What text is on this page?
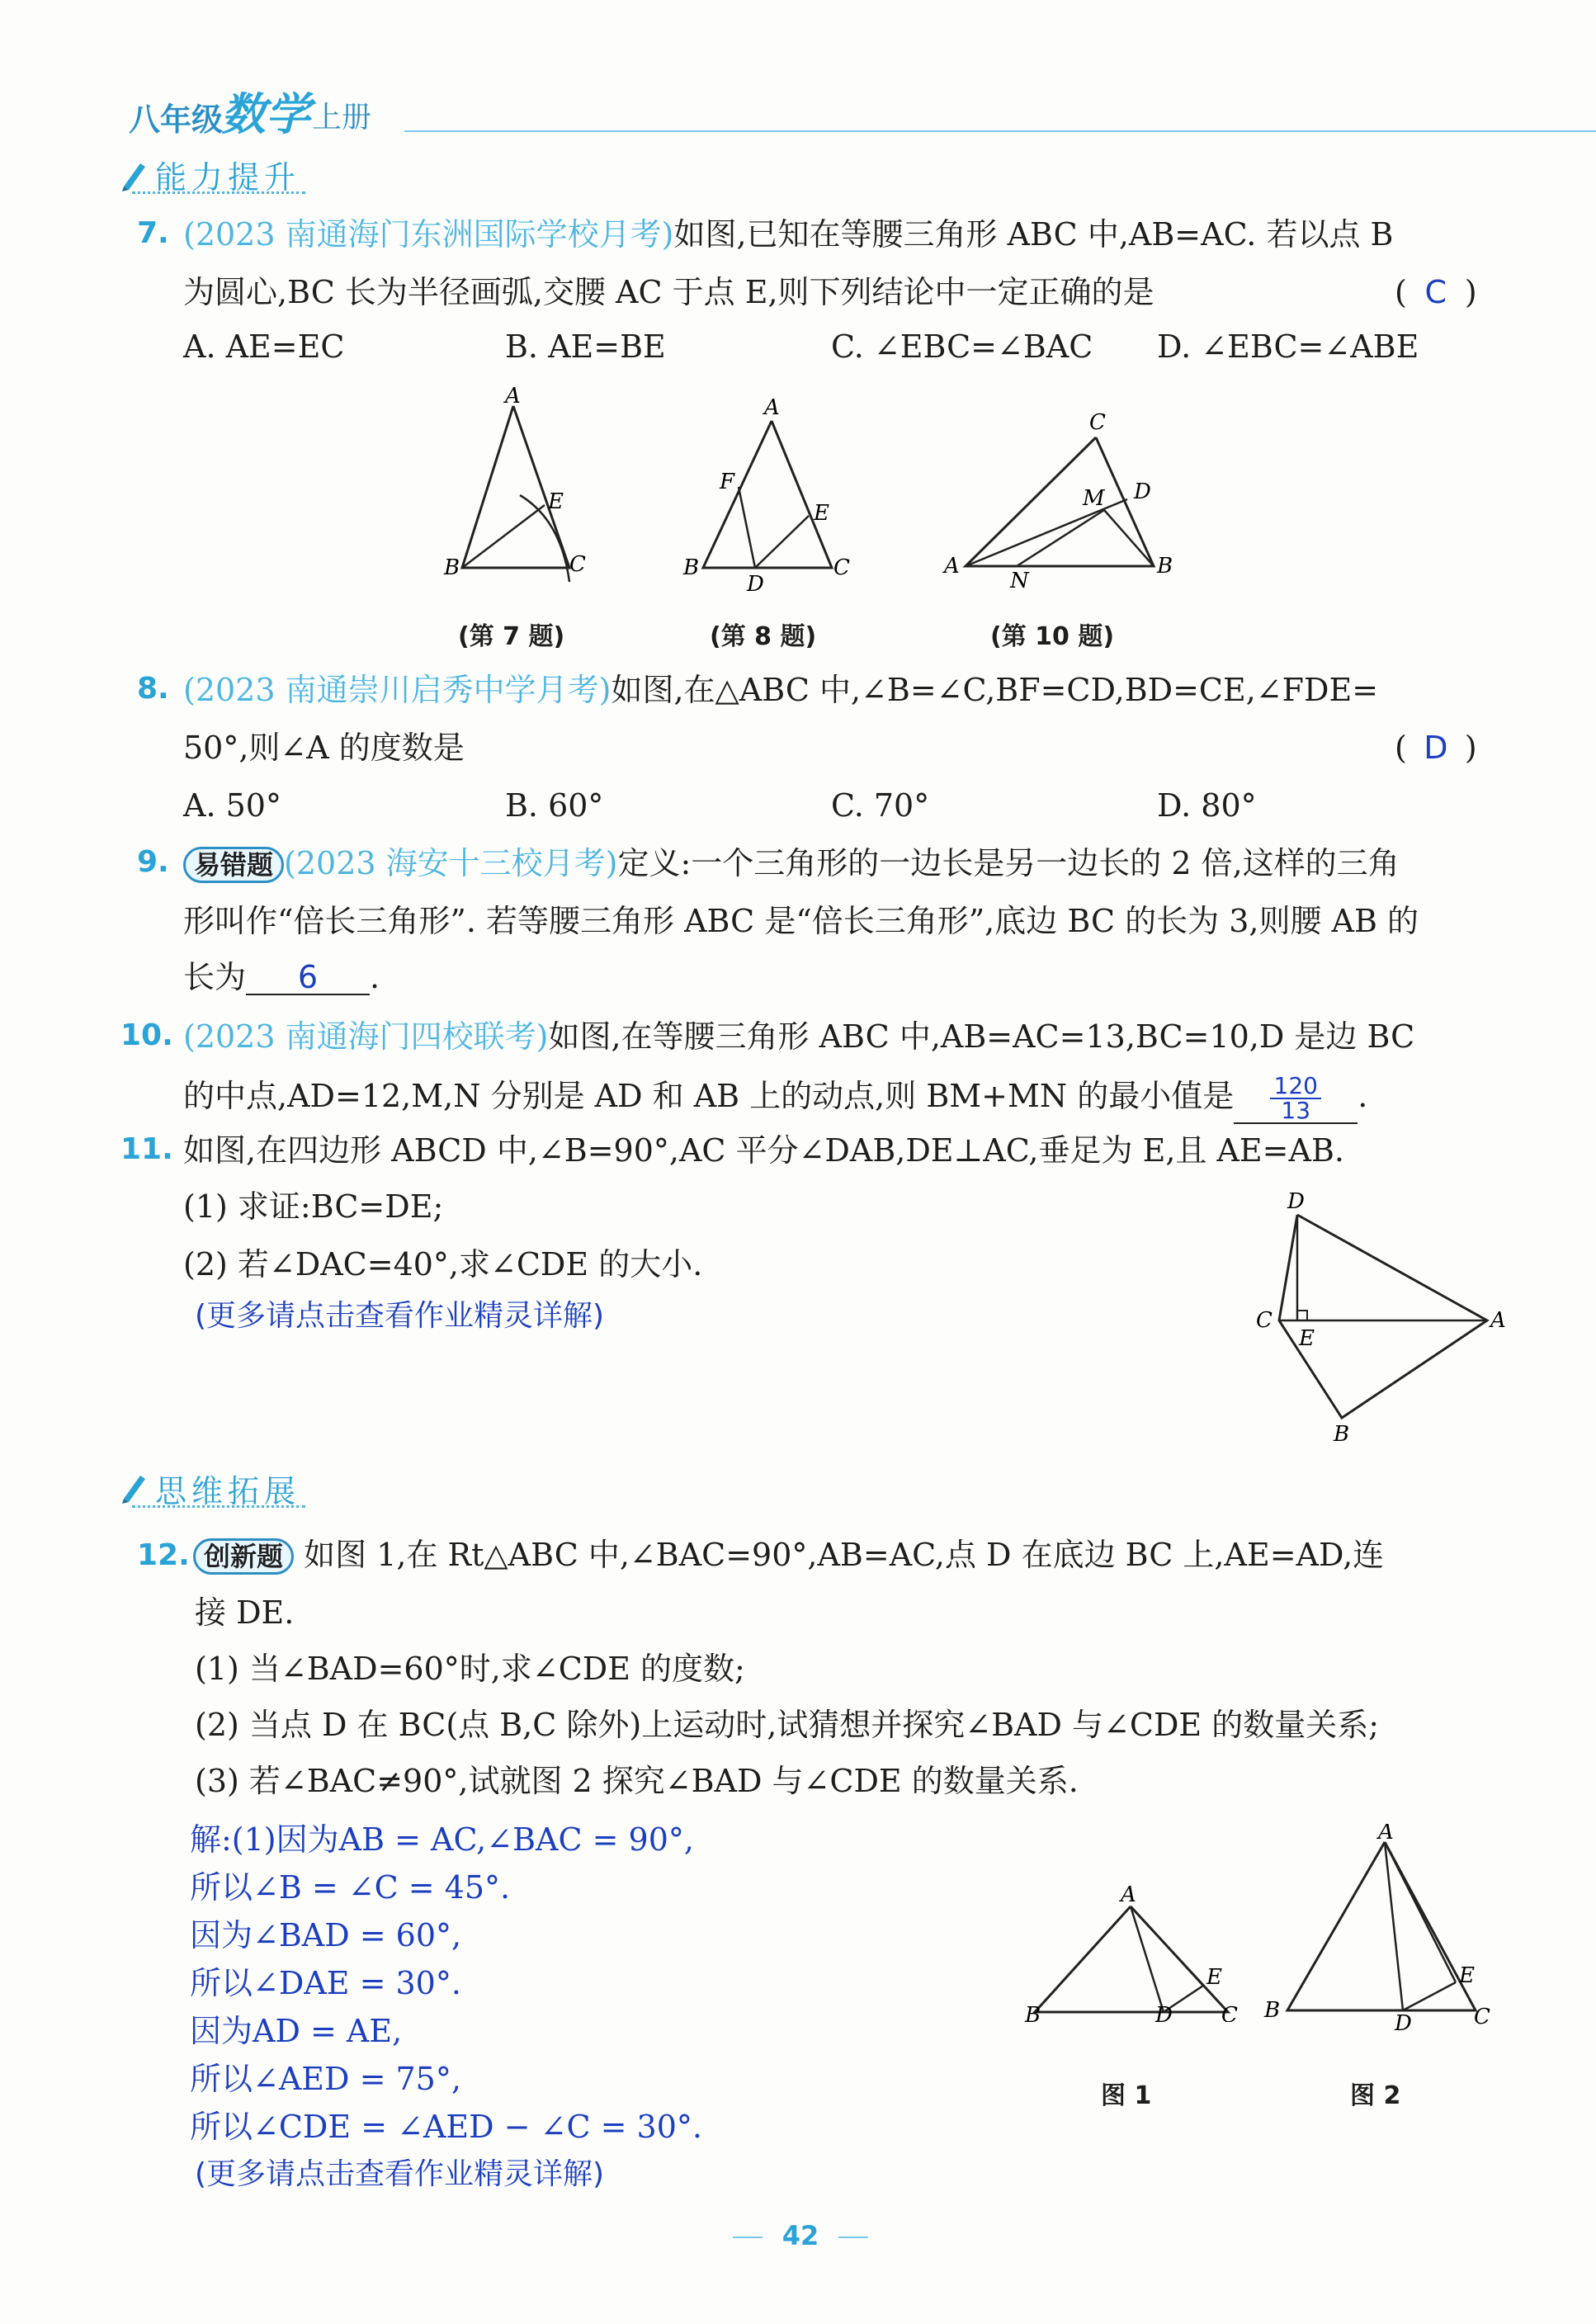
八年级
数学 上册
能力提升
7. (2023 南通海门东洲国际学校月考)如图,已知在等腰三角形 ABC 中,AB=AC. 若以点 B
为圆心,BC 长为半径画弧,交腰 AC 于点 E,则下列结论中一定正确的是	( C )
A. AE=EC	B. AE=BE	C. ∠EBC=∠BAC D. ∠EBC=∠ABE
A
B	C
E
(第 7 题)
A
F
E
B
D
C
(第 8 题)
C
D
M
A
N
B
(第 10 题)
8. (2023 南通崇川启秀中学月考)如图,在△ABC 中,∠B=∠C,BF=CD,BD=CE,∠FDE=
50°,则∠A 的度数是	( D )
A. 50°	B. 60°	C. 70°	D. 80°
9. 易错题 (2023 海安十三校月考)定义:一个三角形的一边长是另一边长的 2 倍,这样的三角
形叫作“倍长三角形”. 若等腰三角形 ABC 是“倍长三角形”,底边 BC 的长为 3,则腰 AB 的
长为 6 .
10. (2023 南通海门四校联考)如图,在等腰三角形 ABC 中,AB=AC=13,BC=10,D 是边 BC
的中点,AD=12,M,N 分别是 AD 和 AB 上的动点,则 BM+MN 的最小值是 $\frac{120}{13}$ .
11. 如图,在四边形 ABCD 中,∠B=90°,AC 平分∠DAB,DE⊥AC,垂足为 E,且 AE=AB.
(1) 求证:BC=DE;
(2) 若∠DAC=40°,求∠CDE 的大小.
(更多请点击查看作业精灵详解)
D
C
E
A
B
思维拓展
12. 创新题 如图 1,在 Rt△ABC 中,∠BAC=90°,AB=AC,点 D 在底边 BC 上,AE=AD,连
接 DE.
(1) 当∠BAD=60°时,求∠CDE 的度数;
(2) 当点 D 在 BC(点 B,C 除外)上运动时,试猜想并探究∠BAD 与∠CDE 的数量关系;
(3) 若∠BAC≠90°,试就图 2 探究∠BAD 与∠CDE 的数量关系.
解:(1)因为AB = AC,∠BAC = 90°,
所以∠B = ∠C = 45°.
因为∠BAD = 60°,
所以∠DAE = 30°.
因为AD = AE,
所以∠AED = 75°,
所以∠CDE = ∠AED − ∠C = 30°.
(更多请点击查看作业精灵详解)
A
E
B	D C
图 1
A
E
B
D	C
图 2
42
